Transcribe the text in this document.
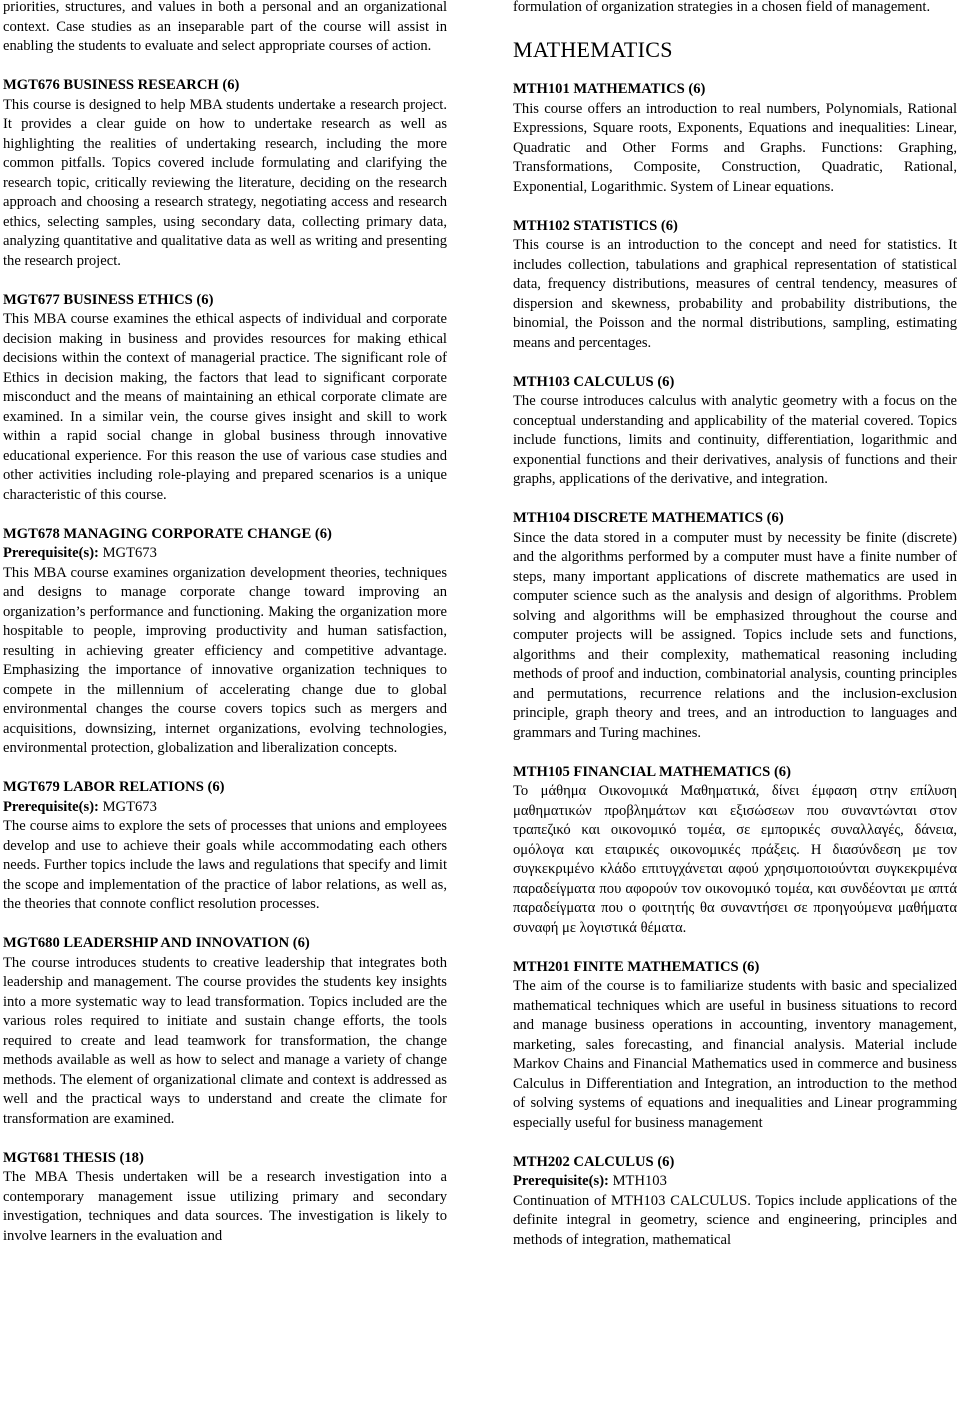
priorities, structures, and values in both a personal and an organizational context. Case studies as an inseparable part of the course will assist in enabling the students to evaluate and select appropriate courses of action.

MGT676 BUSINESS RESEARCH (6)

This course is designed to help MBA students undertake a research project. It provides a clear guide on how to undertake research as well as highlighting the realities of undertaking research, including the more common pitfalls. Topics covered include formulating and clarifying the research topic, critically reviewing the literature, deciding on the research approach and choosing a research strategy, negotiating access and research ethics, selecting samples, using secondary data, collecting primary data, analyzing quantitative and qualitative data as well as writing and presenting the research project.

MGT677 BUSINESS ETHICS (6)

This MBA course examines the ethical aspects of individual and corporate decision making in business and provides resources for making ethical decisions within the context of managerial practice. The significant role of Ethics in decision making, the factors that lead to significant corporate misconduct and the means of maintaining an ethical corporate climate are examined. In a similar vein, the course gives insight and skill to work within a rapid social change in global business through innovative educational experience. For this reason the use of various case studies and other activities including role-playing and prepared scenarios is a unique characteristic of this course.

MGT678 MANAGING CORPORATE CHANGE (6)

Prerequisite(s): MGT673

This MBA course examines organization development theories, techniques and designs to manage corporate change toward improving an organization’s performance and functioning. Making the organization more hospitable to people, improving productivity and human satisfaction, resulting in achieving greater efficiency and competitive advantage. Emphasizing the importance of innovative organization techniques to compete in the millennium of accelerating change due to global environmental changes the course covers topics such as mergers and acquisitions, downsizing, internet organizations, evolving technologies, environmental protection, globalization and liberalization concepts.

MGT679 LABOR RELATIONS (6)

Prerequisite(s): MGT673

The course aims to explore the sets of processes that unions and employees develop and use to achieve their goals while accommodating each others needs. Further topics include the laws and regulations that specify and limit the scope and implementation of the practice of labor relations, as well as, the theories that connote conflict resolution processes.

MGT680 LEADERSHIP AND INNOVATION (6)

The course introduces students to creative leadership that integrates both leadership and management. The course provides the students key insights into a more systematic way to lead transformation. Topics included are the various roles required to initiate and sustain change efforts, the tools required to create and lead teamwork for transformation, the change methods available as well as how to select and manage a variety of change methods. The element of organizational climate and context is addressed as well and the practical ways to understand and create the climate for transformation are examined.

MGT681 THESIS (18)

The MBA Thesis undertaken will be a research investigation into a contemporary management issue utilizing primary and secondary investigation, techniques and data sources. The investigation is likely to involve learners in the evaluation and

formulation of organization strategies in a chosen field of management.

MATHEMATICS

MTH101 MATHEMATICS (6)

This course offers an introduction to real numbers, Polynomials, Rational Expressions, Square roots, Exponents, Equations and inequalities: Linear, Quadratic and Other Forms and Graphs. Functions: Graphing, Transformations, Composite, Construction, Quadratic, Rational, Exponential, Logarithmic. System of Linear equations.

MTH102 STATISTICS (6)

This course is an introduction to the concept and need for statistics. It includes collection, tabulations and graphical representation of statistical data, frequency distributions, measures of central tendency, measures of dispersion and skewness, probability and probability distributions, the binomial, the Poisson and the normal distributions, sampling, estimating means and percentages.

MTH103 CALCULUS (6)

The course introduces calculus with analytic geometry with a focus on the conceptual understanding and applicability of the material covered. Topics include functions, limits and continuity, differentiation, logarithmic and exponential functions and their derivatives, analysis of functions and their graphs, applications of the derivative, and integration.

MTH104 DISCRETE MATHEMATICS (6)

Since the data stored in a computer must by necessity be finite (discrete) and the algorithms performed by a computer must have a finite number of steps, many important applications of discrete mathematics are used in computer science such as the analysis and design of algorithms. Problem solving and algorithms will be emphasized throughout the course and computer projects will be assigned. Topics include sets and functions, algorithms and their complexity, mathematical reasoning including methods of proof and induction, combinatorial analysis, counting principles and permutations, recurrence relations and the inclusion-exclusion principle, graph theory and trees, and an introduction to languages and grammars and Turing machines.

MTH105 FINANCIAL MATHEMATICS (6)

Το μάθημα Οικονομικά Μαθηματικά, δίνει έμφαση στην επίλυση μαθηματικών προβλημάτων και εξισώσεων που συναντώνται στον τραπεζικό και οικονομικό τομέα, σε εμπορικές συναλλαγές, δάνεια, ομόλογα και εταιρικές οικονομικές πράξεις. Η διασύνδεση με τον συγκεκριμένο κλάδο επιτυγχάνεται αφού χρησιμοποιούνται συγκεκριμένα παραδείγματα που αφορούν τον οικονομικό τομέα, και συνδέονται με απτά παραδείγματα που ο φοιτητής θα συναντήσει σε προηγούμενα μαθήματα συναφή με λογιστικά θέματα.

MTH201 FINITE MATHEMATICS (6)

The aim of the course is to familiarize students with basic and specialized mathematical techniques which are useful in business situations to record and manage business operations in accounting, inventory management, marketing, sales forecasting, and financial analysis. Material include Markov Chains and Financial Mathematics used in commerce and business Calculus in Differentiation and Integration, an introduction to the method of solving systems of equations and inequalities and Linear programming especially useful for business management

MTH202 CALCULUS (6)

Prerequisite(s): MTH103

Continuation of MTH103 CALCULUS. Topics include applications of the definite integral in geometry, science and engineering, principles and methods of integration, mathematical
